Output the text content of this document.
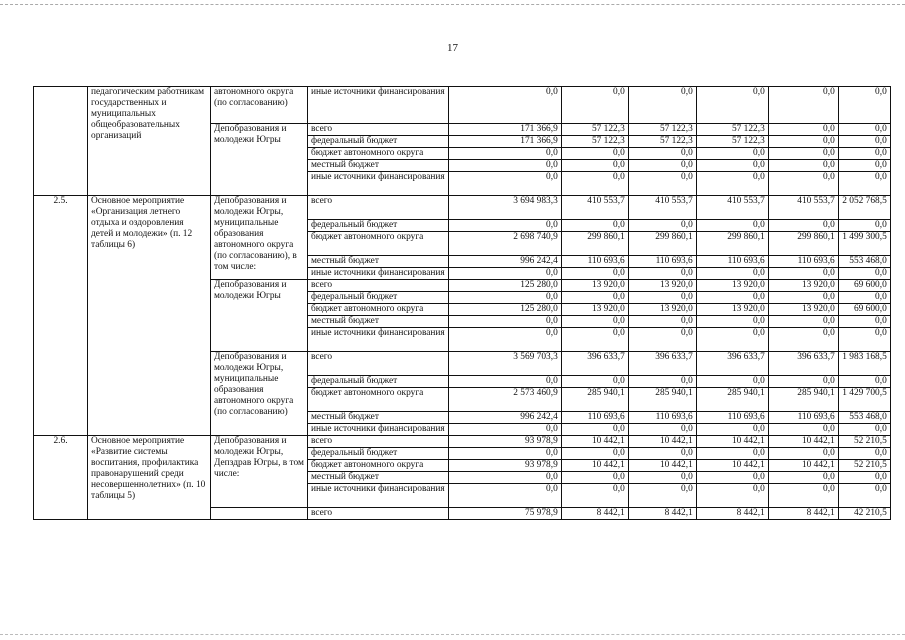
17
	педагогическим работникам государственных и муниципальных общеобразовательных организаций	автономного округа (по согласованию)	иные источники финансирования	0,0	0,0	0,0	0,0	0,0	0,0
		Депобразования и молодежи Югры	всего	171 366,9	57 122,3	57 122,3	57 122,3	0,0	0,0
			федеральный бюджет	171 366,9	57 122,3	57 122,3	57 122,3	0,0	0,0
			бюджет автономного округа	0,0	0,0	0,0	0,0	0,0	0,0
			местный бюджет	0,0	0,0	0,0	0,0	0,0	0,0
			иные источники финансирования	0,0	0,0	0,0	0,0	0,0	0,0
2.5.	Основное мероприятие «Организация летнего отдыха и оздоровления детей и молодежи» (п. 12 таблицы 6)	Депобразования и молодежи Югры, муниципальные образования автономного округа (по согласованию), в том числе:	всего	3 694 983,3	410 553,7	410 553,7	410 553,7	410 553,7	2 052 768,5
			федеральный бюджет	0,0	0,0	0,0	0,0	0,0	0,0
			бюджет автономного округа	2 698 740,9	299 860,1	299 860,1	299 860,1	299 860,1	1 499 300,5
			местный бюджет	996 242,4	110 693,6	110 693,6	110 693,6	110 693,6	553 468,0
			иные источники финансирования	0,0	0,0	0,0	0,0	0,0	0,0
		Депобразования и молодежи Югры	всего	125 280,0	13 920,0	13 920,0	13 920,0	13 920,0	69 600,0
			федеральный бюджет	0,0	0,0	0,0	0,0	0,0	0,0
			бюджет автономного округа	125 280,0	13 920,0	13 920,0	13 920,0	13 920,0	69 600,0
			местный бюджет	0,0	0,0	0,0	0,0	0,0	0,0
			иные источники финансирования	0,0	0,0	0,0	0,0	0,0	0,0
		Депобразования и молодежи Югры, муниципальные образования автономного округа (по согласованию)	всего	3 569 703,3	396 633,7	396 633,7	396 633,7	396 633,7	1 983 168,5
			федеральный бюджет	0,0	0,0	0,0	0,0	0,0	0,0
			бюджет автономного округа	2 573 460,9	285 940,1	285 940,1	285 940,1	285 940,1	1 429 700,5
			местный бюджет	996 242,4	110 693,6	110 693,6	110 693,6	110 693,6	553 468,0
			иные источники финансирования	0,0	0,0	0,0	0,0	0,0	0,0
2.6.	Основное мероприятие «Развитие системы воспитания, профилактика правонарушений среди несовершеннолетних» (п. 10 таблицы 5)	Депобразования и молодежи Югры, Депздрав Югры, в том числе:	всего	93 978,9	10 442,1	10 442,1	10 442,1	10 442,1	52 210,5
			федеральный бюджет	0,0	0,0	0,0	0,0	0,0	0,0
			бюджет автономного округа	93 978,9	10 442,1	10 442,1	10 442,1	10 442,1	52 210,5
			местный бюджет	0,0	0,0	0,0	0,0	0,0	0,0
			иные источники финансирования	0,0	0,0	0,0	0,0	0,0	0,0
			всего	75 978,9	8 442,1	8 442,1	8 442,1	8 442,1	42 210,5
